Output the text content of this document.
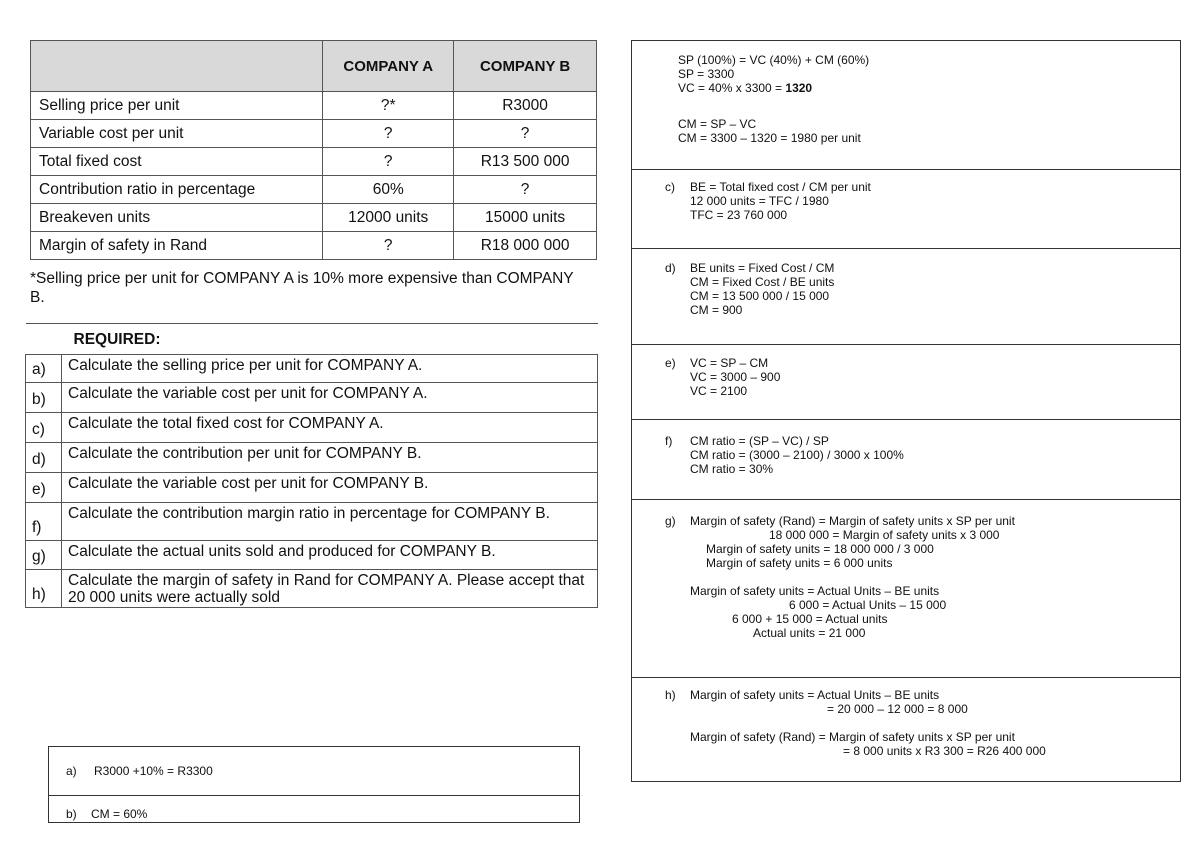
	COMPANY A	COMPANY B
Selling price per unit	?*	R3000
Variable cost per unit	?	?
Total fixed cost	?	R13 500 000
Contribution ratio in percentage	60%	?
Breakeven units	12000 units	15000 units
Margin of safety in Rand	?	R18 000 000
*Selling price per unit for COMPANY A is 10% more expensive than COMPANY B.
	REQUIRED:
a)	Calculate the selling price per unit for COMPANY A.
b)	Calculate the variable cost per unit for COMPANY A.
c)	Calculate the total fixed cost for COMPANY A.
d)	Calculate the contribution per unit for COMPANY B.
e)	Calculate the variable cost per unit for COMPANY B.
f)	Calculate the contribution margin ratio in percentage for COMPANY B.
g)	Calculate the actual units sold and produced for COMPANY B.
h)	Calculate the margin of safety in Rand for COMPANY A. Please accept that 20 000 units were actually sold
a) R3000 +10% = R3300
b) CM = 60%
SP (100%) = VC (40%) + CM (60%)
SP = 3300
VC = 40% x 3300 = 1320
CM = SP – VC
CM = 3300 – 1320 = 1980 per unit
c) BE = Total fixed cost / CM per unit
12 000 units = TFC / 1980
TFC = 23 760 000
d) BE units = Fixed Cost / CM
CM = Fixed Cost / BE units
CM = 13 500 000 / 15 000
CM = 900
e) VC = SP – CM
VC = 3000 – 900
VC = 2100
f) CM ratio = (SP – VC) / SP
CM ratio = (3000 – 2100) / 3000 x 100%
CM ratio = 30%
g) Margin of safety (Rand) = Margin of safety units x SP per unit
18 000 000 = Margin of safety units x 3 000
Margin of safety units = 18 000 000 / 3 000
Margin of safety units = 6 000 units
Margin of safety units = Actual Units – BE units
6 000 = Actual Units – 15 000
6 000 + 15 000 = Actual units
Actual units = 21 000
h) Margin of safety units = Actual Units – BE units
= 20 000 – 12 000 = 8 000
Margin of safety (Rand) = Margin of safety units x SP per unit
= 8 000 units x R3 300 = R26 400 000
